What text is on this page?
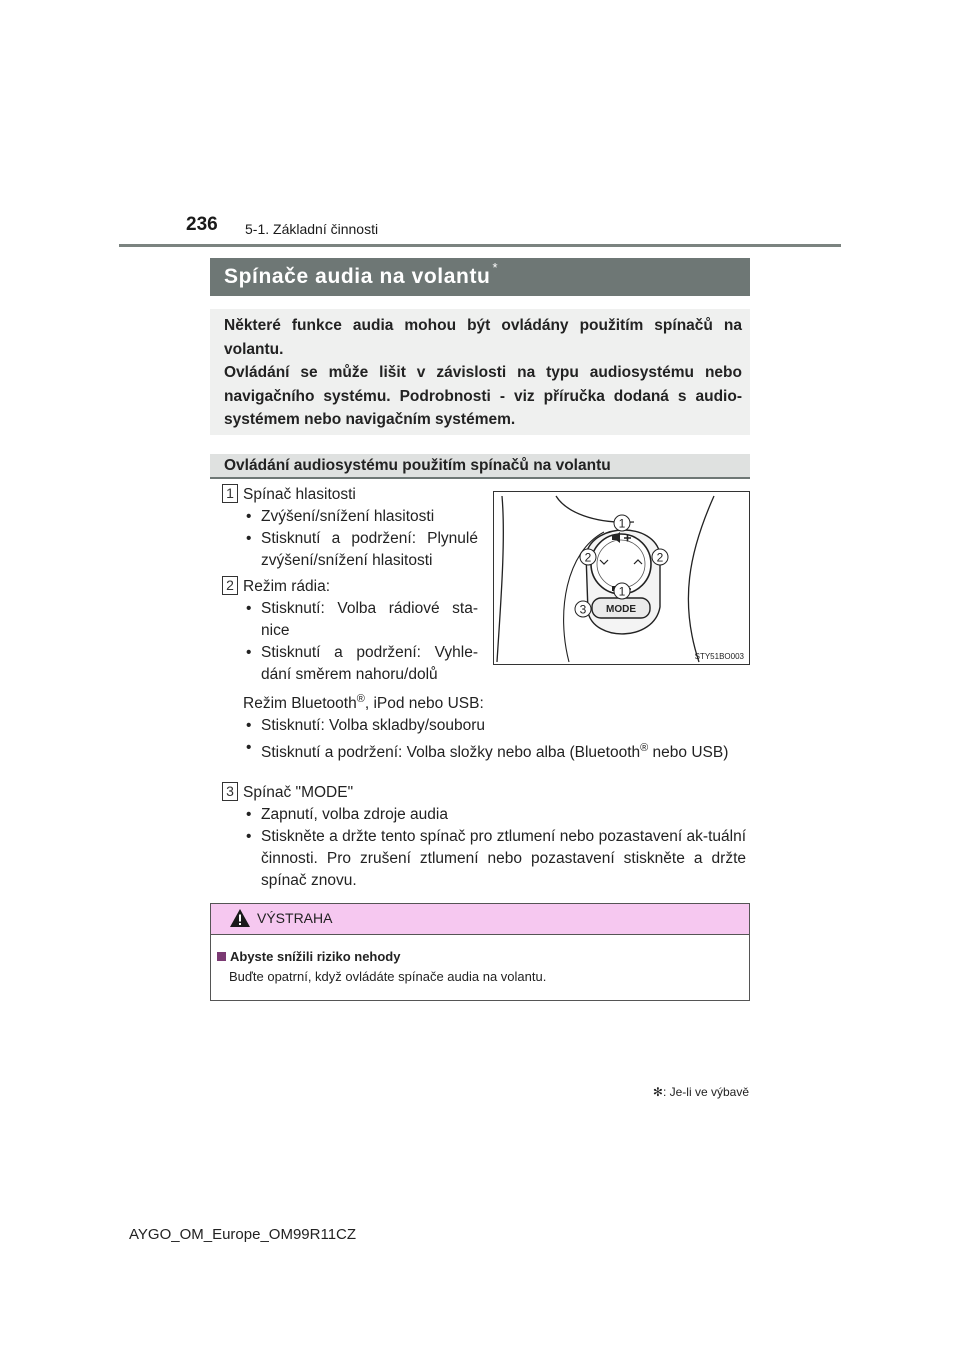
236 5-1. Základní činnosti
Spínače audia na volantu *

Některé funkce audia mohou být ovládány použitím spínačů na volantu.

Ovládání se může lišit v závislosti na typu audiosystému nebo navigačního systému. Podrobnosti - viz příručka dodaná s audio-systémem nebo navigačním systémem.

Ovládání audiosystému použitím spínačů na volantu
1 Spínač hlasitosti
• Zvýšení/snížení hlasitosti
• Stisknutí a podržení: Plynulé zvýšení/snížení hlasitosti
2 Režim rádia:
• Stisknutí: Volba rádiové sta-nice
• Stisknutí a podržení: Vyhle-dání směrem nahoru/dolů
Režim Bluetooth®, iPod nebo USB:
• Stisknutí: Volba skladby/souboru
• Stisknutí a podržení: Volba složky nebo alba (Bluetooth® nebo USB)
3 Spínač "MODE"
• Zapnutí, volba zdroje audia
• Stiskněte a držte tento spínač pro ztlumení nebo pozastavení ak-tuální činnosti. Pro zrušení ztlumení nebo pozastavení stiskněte a držte spínač znovu.
MODE
1
2	2
1
3
STY51BO003
VÝSTRAHA
Abyste snížili riziko nehody
Buďte opatrní, když ovládáte spínače audia na volantu.
✻: Je-li ve výbavě
AYGO_OM_Europe_OM99R11CZ
